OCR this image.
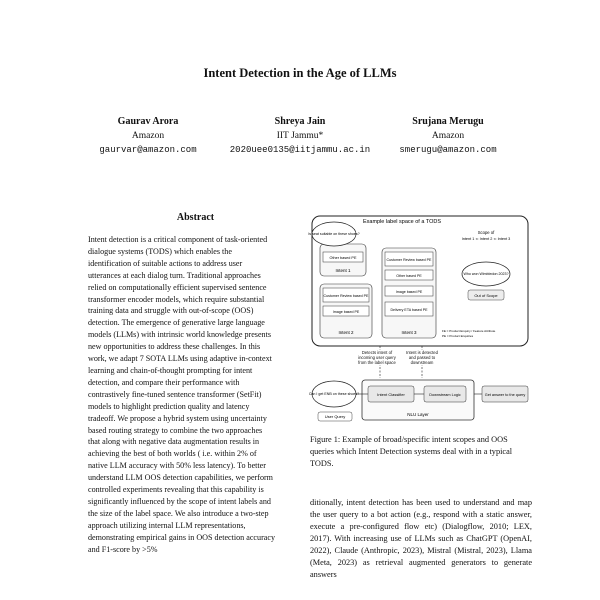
Intent Detection in the Age of LLMs
Gaurav Arora
Amazon
gaurvar@amazon.com
Shreya Jain
IIT Jammu*
2020uee0135@iitjammu.ac.in
Srujana Merugu
Amazon
smerugu@amazon.com
Abstract

Intent detection is a critical component of task-oriented dialogue systems (TODS) which enables the identification of suitable actions to address user utterances at each dialog turn. Traditional approaches relied on computationally efficient supervised sentence transformer encoder models, which require substantial training data and struggle with out-of-scope (OOS) detection. The emergence of generative large language models (LLMs) with intrinsic world knowledge presents new opportunities to address these challenges. In this work, we adapt 7 SOTA LLMs using adaptive in-context learning and chain-of-thought prompting for intent detection, and compare their performance with contrastively fine-tuned sentence transformer (SetFit) models to highlight prediction quality and latency tradeoff. We propose a hybrid system using uncertainty based routing strategy to combine the two approaches that along with negative data augmentation results in achieving the best of both worlds ( i.e. within 2% of native LLM accuracy with 50% less latency). To better understand LLM OOS detection capabilities, we perform controlled experiments revealing that this capability is significantly influenced by the scope of intent labels and the size of the label space. We also introduce a two-step approach utilizing internal LLM representations, demonstrating empirical gains in OOS detection accuracy and F1-score by >5%

Example label space of a TODS
Other based PE
Intent 1
Is seat suitable on these shoes?
Customer Review based PE
Image based PE
Intent 2
Customer Review based PE
Other based PE
Image based PE
Delivery ETA based PE
Intent 3
Scope of
Intent 1 ⊂ Intent 2 ⊂ Intent 3
Who won Wimbledon 2023?
Out of Scope
FE = Product Enquiry / Feature Attribute
PE = Product Enquiries
Intent Classifier	Downstream Logic
NLU Layer
Can I get ENB on these shoes?
User Query
Get answer to the query
Detects intent of incoming user query from the label space
Intent is detected and passed to downstream

Figure 1: Example of broad/specific intent scopes and OOS queries which Intent Detection systems deal with in a typical TODS.

ditionally, intent detection has been used to understand and map the user query to a bot action (e.g., respond with a static answer, execute a pre-configured flow etc) (Dialogflow, 2010; LEX, 2017). With increasing use of LLMs such as ChatGPT (OpenAI, 2022), Claude (Anthropic, 2023), Mistral (Mistral, 2023), Llama (Meta, 2023) as retrieval augmented generators to generate answers
